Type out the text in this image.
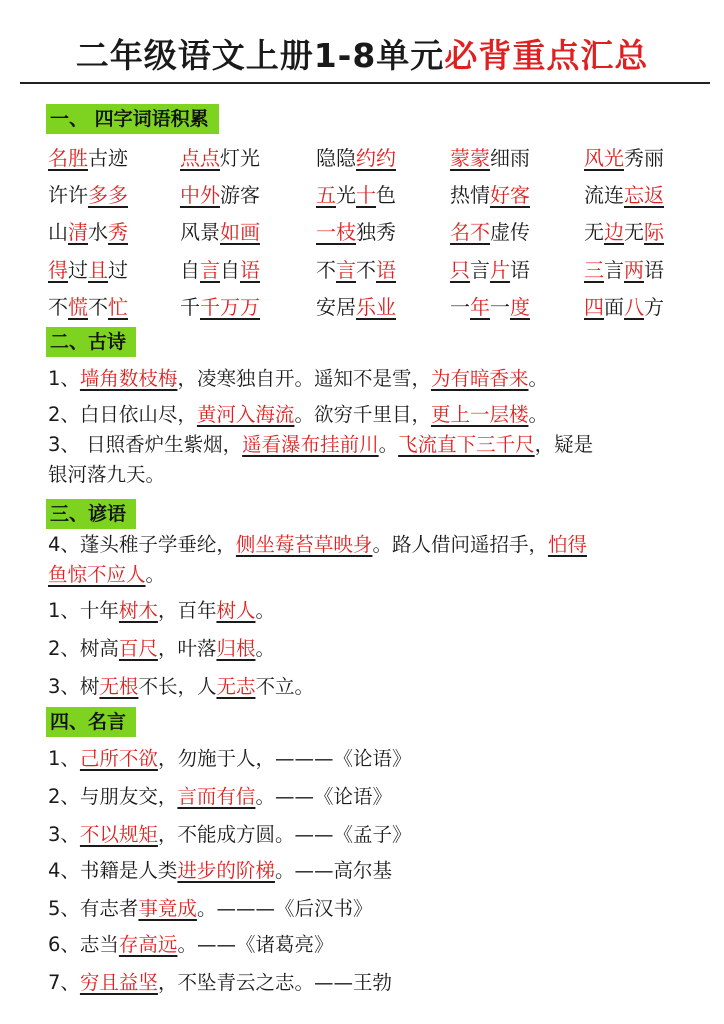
二年级语文上册1-8单元必背重点汇总
一、 四字词语积累
名胜古迹	点点灯光	隐隐约约	蒙蒙细雨	风光秀丽
许许多多	中外游客	五光十色	热情好客	流连忘返
山清水秀	风景如画	一枝独秀	名不虚传	无边无际
得过且过	自言自语	不言不语	只言片语	三言两语
不慌不忙	千千万万	安居乐业	一年一度	四面八方
二、古诗
1、墙角数枝梅，凌寒独自开。遥知不是雪，为有暗香来。
2、白日依山尽，黄河入海流。欲穷千里目，更上一层楼。
3、 日照香炉生紫烟，遥看瀑布挂前川。飞流直下三千尺，疑是
银河落九天。
三、谚语
4、蓬头稚子学垂纶，侧坐莓苔草映身。路人借问遥招手，怕得
鱼惊不应人。
1、十年树木，百年树人。
2、树高百尺，叶落归根。
3、树无根不长，人无志不立。
四、名言
1、己所不欲，勿施于人，———《论语》
2、与朋友交，言而有信。——《论语》
3、不以规矩，不能成方圆。——《孟子》
4、书籍是人类进步的阶梯。——高尔基
5、有志者事竟成。———《后汉书》
6、志当存高远。——《诸葛亮》
7、穷且益坚，不坠青云之志。——王勃
